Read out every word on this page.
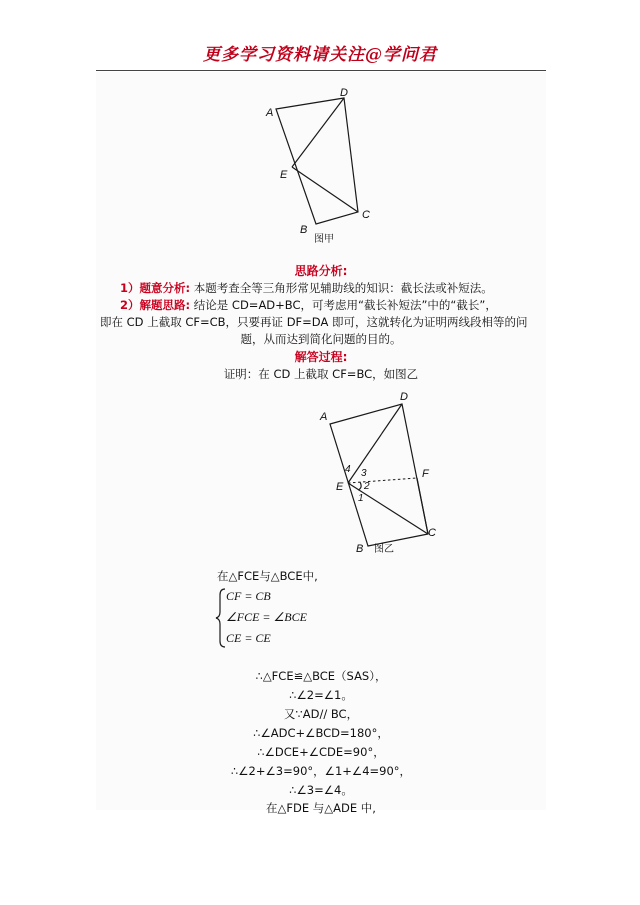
更多学习资料请关注@学问君
A
D
E
B
C
图甲
思路分析:
1）题意分析: 本题考查全等三角形常见辅助线的知识：截长法或补短法。
2）解题思路: 结论是 CD=AD+BC，可考虑用“截长补短法”中的“截长”，
即在 CD 上截取 CF=CB，只要再证 DF=DA 即可，这就转化为证明两线段相等的问
题，从而达到简化问题的目的。
解答过程:
证明：在 CD 上截取 CF=BC，如图乙
A
D
E
F
B
C
4 3
2
1
图乙
在△FCE与△BCE中,
CF = CB
∠FCE = ∠BCE
CE = CE
∴△FCE≌△BCE（SAS），
∴∠2=∠1。
又∵AD// BC，
∴∠ADC+∠BCD=180°，
∴∠DCE+∠CDE=90°，
∴∠2+∠3=90°，∠1+∠4=90°，
∴∠3=∠4。
在△FDE 与△ADE 中,
